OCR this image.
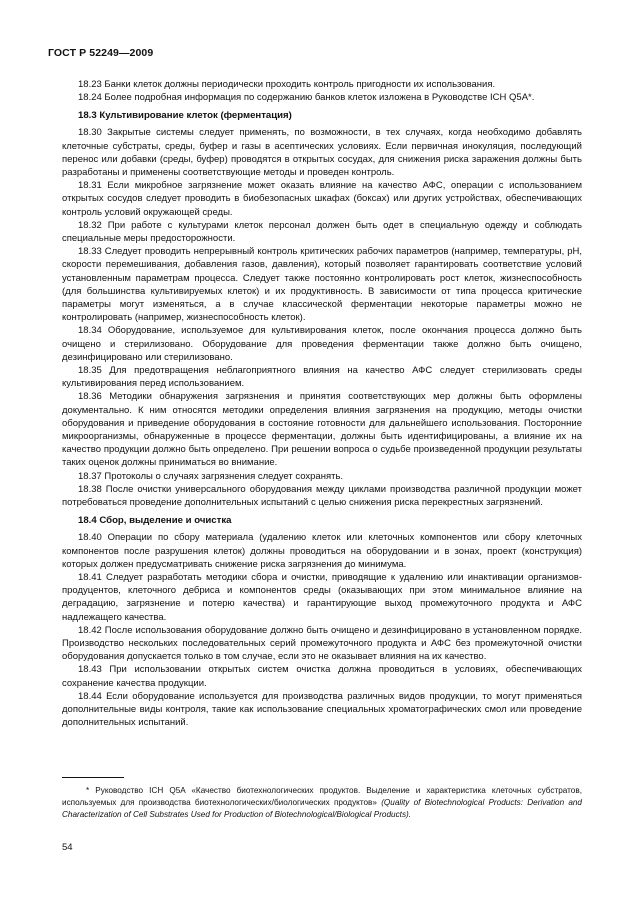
ГОСТ Р 52249—2009

18.23 Банки клеток должны периодически проходить контроль пригодности их использования.

18.24 Более подробная информация по содержанию банков клеток изложена в Руководстве ICH Q5A*.

18.3 Культивирование клеток (ферментация)

18.30 Закрытые системы следует применять, по возможности, в тех случаях, когда необходимо добавлять клеточные субстраты, среды, буфер и газы в асептических условиях. Если первичная инокуляция, последующий перенос или добавки (среды, буфер) проводятся в открытых сосудах, для снижения риска заражения должны быть разработаны и применены соответствующие методы и проведен контроль.

18.31 Если микробное загрязнение может оказать влияние на качество АФС, операции с использованием открытых сосудов следует проводить в биобезопасных шкафах (боксах) или других устройствах, обеспечивающих контроль условий окружающей среды.

18.32 При работе с культурами клеток персонал должен быть одет в специальную одежду и соблюдать специальные меры предосторожности.

18.33 Следует проводить непрерывный контроль критических рабочих параметров (например, температуры, pH, скорости перемешивания, добавления газов, давления), который позволяет гарантировать соответствие условий установленным параметрам процесса. Следует также постоянно контролировать рост клеток, жизнеспособность (для большинства культивируемых клеток) и их продуктивность. В зависимости от типа процесса критические параметры могут изменяться, а в случае классической ферментации некоторые параметры можно не контролировать (например, жизнеспособность клеток).

18.34 Оборудование, используемое для культивирования клеток, после окончания процесса должно быть очищено и стерилизовано. Оборудование для проведения ферментации также должно быть очищено, дезинфицировано или стерилизовано.

18.35 Для предотвращения неблагоприятного влияния на качество АФС следует стерилизовать среды культивирования перед использованием.

18.36 Методики обнаружения загрязнения и принятия соответствующих мер должны быть оформлены документально. К ним относятся методики определения влияния загрязнения на продукцию, методы очистки оборудования и приведение оборудования в состояние готовности для дальнейшего использования. Посторонние микроорганизмы, обнаруженные в процессе ферментации, должны быть идентифицированы, а влияние их на качество продукции должно быть определено. При решении вопроса о судьбе произведенной продукции результаты таких оценок должны приниматься во внимание.

18.37 Протоколы о случаях загрязнения следует сохранять.

18.38 После очистки универсального оборудования между циклами производства различной продукции может потребоваться проведение дополнительных испытаний с целью снижения риска перекрестных загрязнений.

18.4 Сбор, выделение и очистка

18.40 Операции по сбору материала (удалению клеток или клеточных компонентов или сбору клеточных компонентов после разрушения клеток) должны проводиться на оборудовании и в зонах, проект (конструкция) которых должен предусматривать снижение риска загрязнения до минимума.

18.41 Следует разработать методики сбора и очистки, приводящие к удалению или инактивации организмов-продуцентов, клеточного дебриса и компонентов среды (оказывающих при этом минимальное влияние на деградацию, загрязнение и потерю качества) и гарантирующие выход промежуточного продукта и АФС надлежащего качества.

18.42 После использования оборудование должно быть очищено и дезинфицировано в установленном порядке. Производство нескольких последовательных серий промежуточного продукта и АФС без промежуточной очистки оборудования допускается только в том случае, если это не оказывает влияния на их качество.

18.43 При использовании открытых систем очистка должна проводиться в условиях, обеспечивающих сохранение качества продукции.

18.44 Если оборудование используется для производства различных видов продукции, то могут применяться дополнительные виды контроля, такие как использование специальных хроматографических смол или проведение дополнительных испытаний.

* Руководство ICH Q5A «Качество биотехнологических продуктов. Выделение и характеристика клеточных субстратов, используемых для производства биотехнологических/биологических продуктов» (Quality of Biotechnological Products: Derivation and Characterization of Cell Substrates Used for Production of Biotechnological/Biological Products).
54
